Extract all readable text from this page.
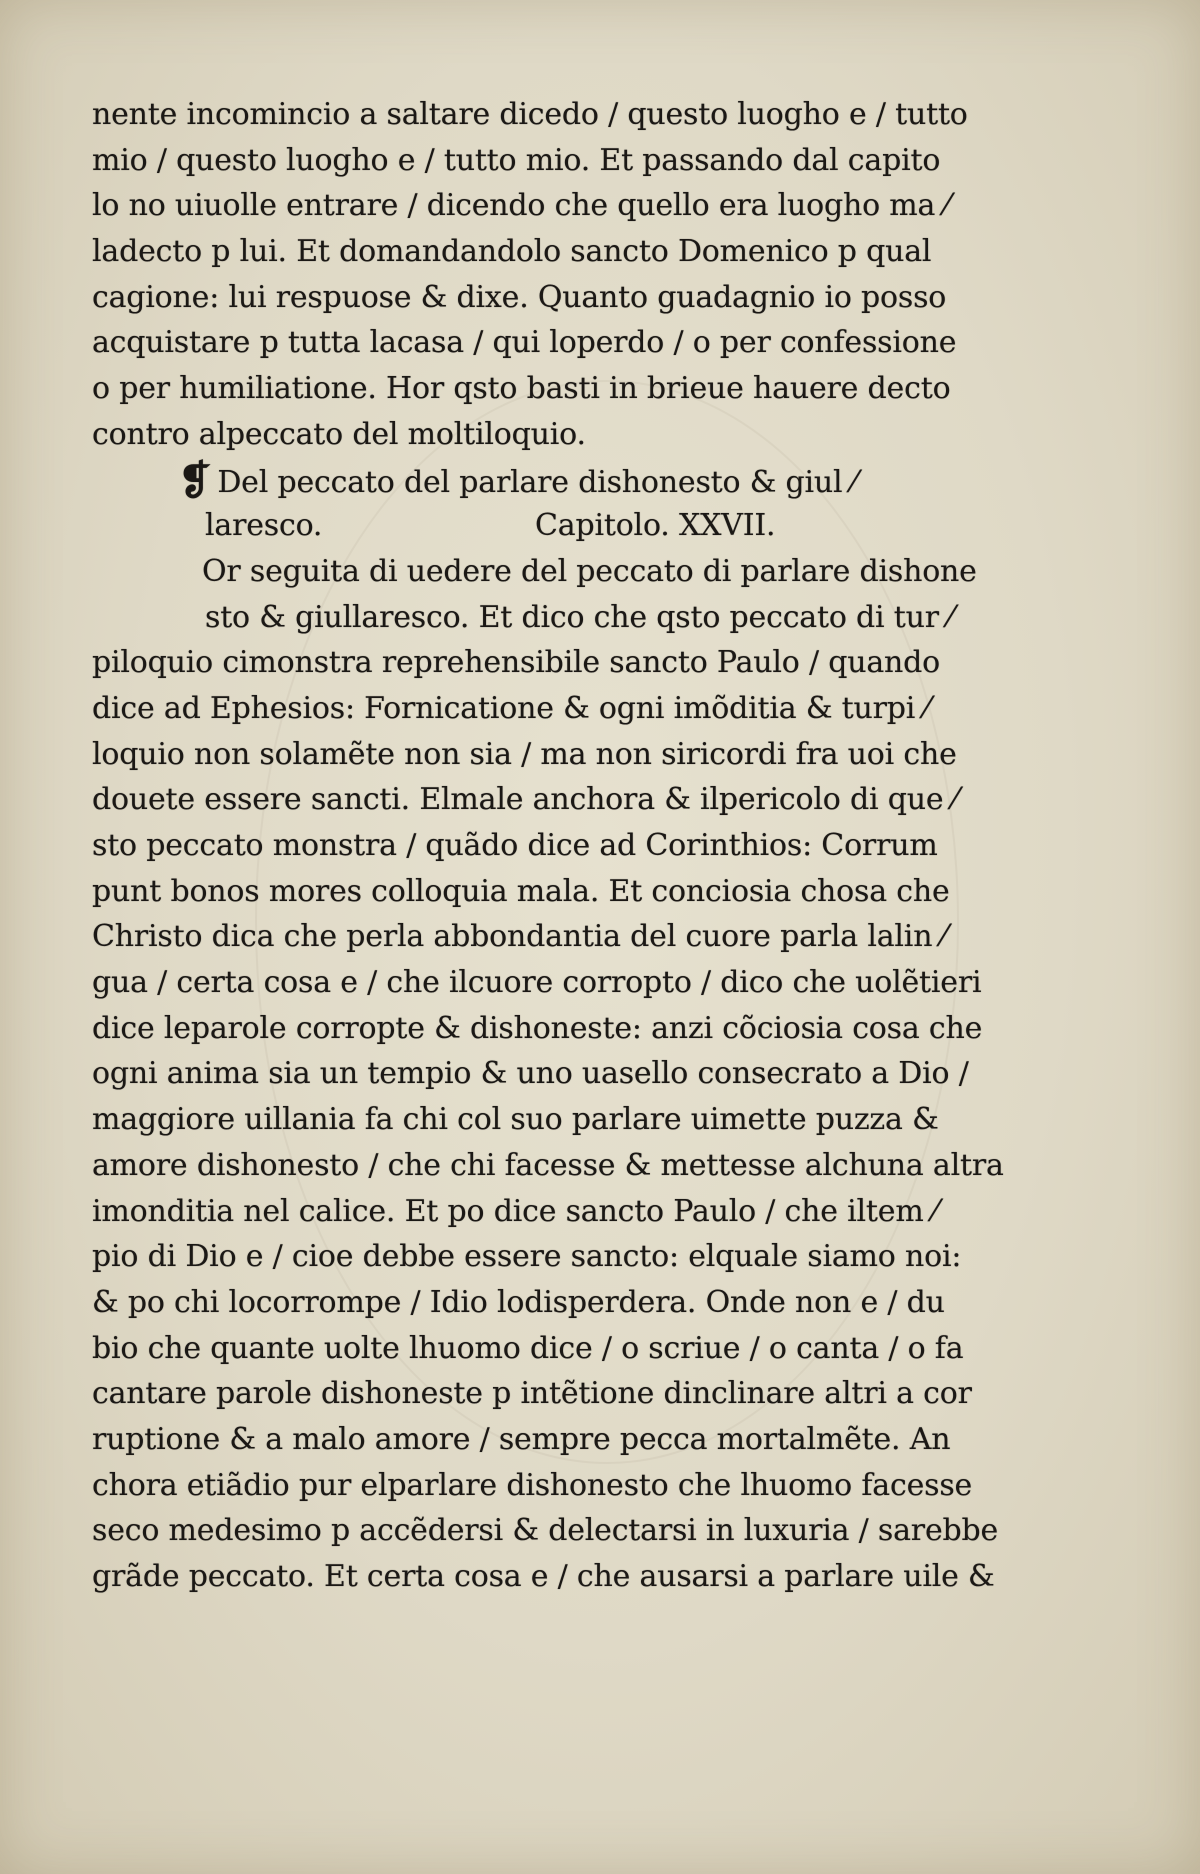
nente incomincio a saltare dicedo / questo luogho e / tutto
mio / questo luogho e / tutto mio. Et passando dal capito
lo no uiuolle entrare / dicendo che quello era luogho ma ⁄
ladecto p lui. Et domandandolo sancto Domenico p qual
cagione: lui respuose & dixe. Quanto guadagnio io posso
acquistare p tutta lacasa / qui loperdo / o per confessione
o per humiliatione. Hor qsto basti in brieue hauere decto
contro alpeccato del moltiloquio.
❡ Del peccato del parlare dishonesto & giul ⁄
laresco.	Capitolo. XXVII.
Or seguita di uedere del peccato di parlare dishone
sto & giullaresco. Et dico che qsto peccato di tur ⁄
piloquio cimonstra reprehensibile sancto Paulo / quando
dice ad Ephesios: Fornicatione & ogni imõditia & turpi ⁄
loquio non solamẽte non sia / ma non siricordi fra uoi che
douete essere sancti. Elmale anchora & ilpericolo di que ⁄
sto peccato monstra / quãdo dice ad Corinthios: Corrum
punt bonos mores colloquia mala. Et conciosia chosa che
Christo dica che perla abbondantia del cuore parla lalin ⁄
gua / certa cosa e / che ilcuore corropto / dico che uolẽtieri
dice leparole corropte & dishoneste: anzi cõciosia cosa che
ogni anima sia un tempio & uno uasello consecrato a Dio /
maggiore uillania fa chi col suo parlare uimette puzza &
amore dishonesto / che chi facesse & mettesse alchuna altra
imonditia nel calice. Et po dice sancto Paulo / che iltem ⁄
pio di Dio e / cioe debbe essere sancto: elquale siamo noi:
& po chi locorrompe / Idio lodisperdera. Onde non e / du
bio che quante uolte lhuomo dice / o scriue / o canta / o fa
cantare parole dishoneste p intẽtione dinclinare altri a cor
ruptione & a malo amore / sempre pecca mortalmẽte. An
chora etiãdio pur elparlare dishonesto che lhuomo facesse
seco medesimo p accẽdersi & delectarsi in luxuria / sarebbe
grãde peccato. Et certa cosa e / che ausarsi a parlare uile &
